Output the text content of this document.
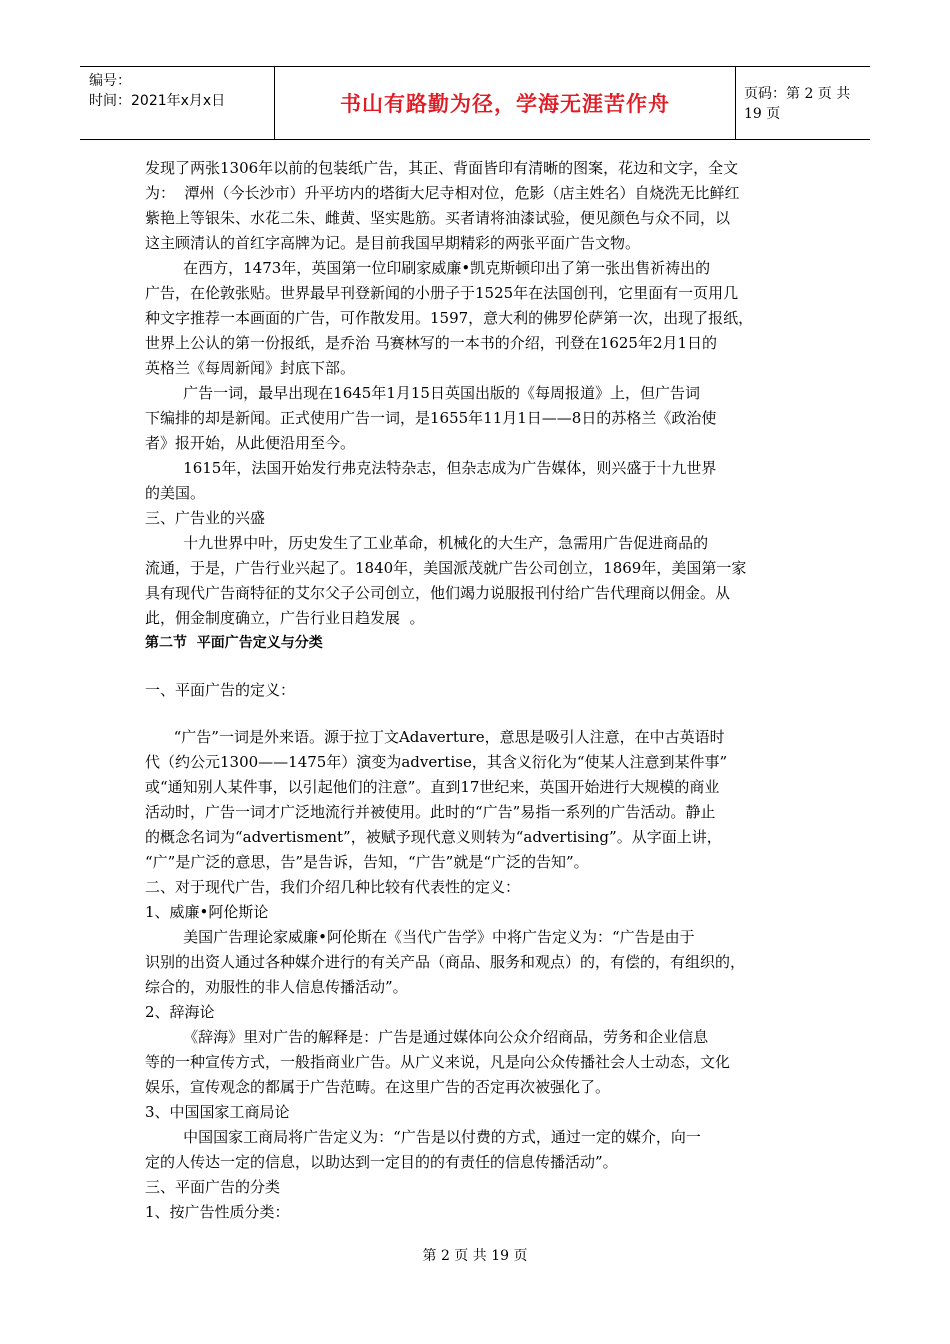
编号：
时间：2021年x月x日	书山有路勤为径，学海无涯苦作舟	页码：第 2 页 共 19 页

发现了两张1306年以前的包装纸广告，其正、背面皆印有清晰的图案，花边和文字，全文

为：  潭州（今长沙市）升平坊内的塔街大尼寺相对位，危影（店主姓名）自烧洗无比鲜红

紫艳上等银朱、水花二朱、雌黄、坚实匙筋。买者请将油漆试验，便见颜色与众不同，以

这主顾清认的首红字高牌为记。是目前我国早期精彩的两张平面广告文物。

在西方，1473年，英国第一位印刷家威廉•凯克斯顿印出了第一张出售祈祷出的

广告，在伦敦张贴。世界最早刊登新闻的小册子于1525年在法国创刊，它里面有一页用几

种文字推荐一本画面的广告，可作散发用。1597，意大利的佛罗伦萨第一次，出现了报纸，

世界上公认的第一份报纸，是乔治 马赛林写的一本书的介绍，刊登在1625年2月1日的

英格兰《每周新闻》封底下部。

广告一词，最早出现在1645年1月15日英国出版的《每周报道》上，但广告词

下编排的却是新闻。正式使用广告一词，是1655年11月1日——8日的苏格兰《政治使

者》报开始，从此便沿用至今。

1615年，法国开始发行弗克法特杂志，但杂志成为广告媒体，则兴盛于十九世界

的美国。

三、广告业的兴盛

十九世界中叶，历史发生了工业革命，机械化的大生产，急需用广告促进商品的

流通，于是，广告行业兴起了。1840年，美国派茂就广告公司创立，1869年，美国第一家

具有现代广告商特征的艾尔父子公司创立，他们竭力说服报刊付给广告代理商以佣金。从

此，佣金制度确立，广告行业日趋发展  。

第二节  平面广告定义与分类

一、平面广告的定义：

“广告”一词是外来语。源于拉丁文Adaverture，意思是吸引人注意，在中古英语时

代（约公元1300——1475年）演变为advertise，其含义衍化为“使某人注意到某件事”

或“通知别人某件事，以引起他们的注意”。直到17世纪来，英国开始进行大规模的商业

活动时，广告一词才广泛地流行并被使用。此时的“广告”易指一系列的广告活动。静止

的概念名词为“advertisment”，被赋予现代意义则转为“advertising”。从字面上讲，

“广”是广泛的意思，告”是告诉，告知，“广告”就是“广泛的告知”。

二、对于现代广告，我们介绍几种比较有代表性的定义：

1、威廉•阿伦斯论

美国广告理论家威廉•阿伦斯在《当代广告学》中将广告定义为：“广告是由于

识别的出资人通过各种媒介进行的有关产品（商品、服务和观点）的，有偿的，有组织的，

综合的，劝服性的非人信息传播活动”。

2、辞海论

《辞海》里对广告的解释是：广告是通过媒体向公众介绍商品，劳务和企业信息

等的一种宣传方式，一般指商业广告。从广义来说，凡是向公众传播社会人士动态，文化

娱乐，宣传观念的都属于广告范畴。在这里广告的否定再次被强化了。

3、中国国家工商局论

中国国家工商局将广告定义为：“广告是以付费的方式，通过一定的媒介，向一

定的人传达一定的信息，以助达到一定目的的有责任的信息传播活动”。

三、平面广告的分类

1、按广告性质分类：

第 2 页 共 19 页
